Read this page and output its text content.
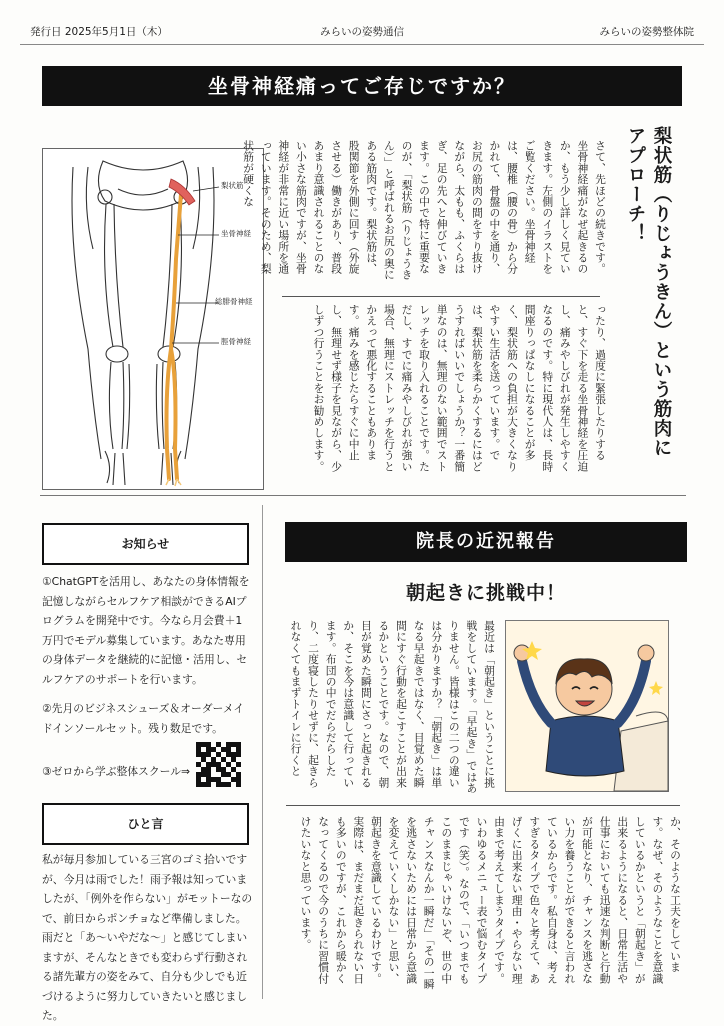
発行日 2025年5月1日（木）	みらいの姿勢通信	みらいの姿勢整体院
坐骨神経痛ってご存じですか？
梨状筋
坐骨神経
総腓骨神経
脛骨神経	梨状筋（りじょうきん）という筋肉にアプローチ！
さて、先ほどの続きです。坐骨神経痛がなぜ起きるのか、もう少し詳しく見ていきます。左側のイラストをご覧ください。坐骨神経は、腰椎（腰の骨）から分かれて、骨盤の中を通り、お尻の筋肉の間をすり抜けながら、太もも、ふくらはぎ、足の先へと伸びていきます。この中で特に重要なのが、「梨状筋（りじょうきん）」と呼ばれるお尻の奥にある筋肉です。梨状筋は、股関節を外側に回す（外旋させる）働きがあり、普段あまり意識されることのない小さな筋肉ですが、坐骨神経が非常に近い場所を通っています。そのため、梨状筋が硬くな
ったり、過度に緊張したりすると、すぐ下を走る坐骨神経を圧迫し、痛みやしびれが発生しやすくなるのです。特に現代人は、長時間座りっぱなしになることが多く、梨状筋への負担が大きくなりやすい生活を送っています。では、梨状筋を柔らかくするにはどうすればいいでしょうか？一番簡単なのは、無理のない範囲でストレッチを取り入れることです。ただし、すでに痛みやしびれが強い場合、無理にストレッチを行うとかえって悪化することもあります。痛みを感じたらすぐに中止し、無理せず様子を見ながら、少しずつ行うことをお勧めします。
お知らせ
①ChatGPTを活用し、あなたの身体情報を記憶しながらセルフケア相談ができるAIプログラムを開発中です。今なら月会費＋1万円でモデル募集しています。あなた専用の身体データを継続的に記憶・活用し、セルフケアのサポートを行います。
②先月のビジネスシューズ＆オーダーメイドインソールセット。残り数足です。
③ゼロから学ぶ整体スクール⇒
ひと言
私が毎月参加している三宮のゴミ拾いですが、今月は雨でした！雨予報は知っていましたが、「例外を作らない」がモットーなので、前日からポンチョなど準備しました。雨だと「あ〜いやだな〜」と感じてしまいますが、そんなときでも変わらず行動される諸先輩方の姿をみて、自分も少しでも近づけるように努力していきたいと感じました。
院長の近況報告
朝起きに挑戦中！
最近は「朝起き」ということに挑戦をしています。「早起き」ではありません。皆様はこの二つの違いは分かりますか？「朝起き」は単なる早起きではなく、目覚めた瞬間にすぐ行動を起こすことが出来るかということです。なので、朝目が覚めた瞬間にさっと起きれるか、そこを今は意識して行っています。布団の中でだらだらしたり、二度寝したりせずに、起きられなくてもまずトイレに行くと
か、そのような工夫をしています。なぜ、そのようなことを意識しているかというと「朝起き」が出来るようになると、日常生活や仕事においても迅速な判断と行動が可能となり、チャンスを逃さない力を養うことができると言われているからです。私自身は、考えすぎるタイプで色々と考えて、あげくに出来ない理由・やらない理由まで考えてしまうタイプです。いわゆるメニュー表で悩むタイプです（笑）。なので、「いつまでもこのままじゃいけないぞ、世の中チャンスなんか一瞬だ」「その一瞬を逃さないためには日常から意識を変えていくしかない」と思い、朝起きを意識しているわけです。実際は、まだまだ起きられない日も多いのですが、これから暖かくなってくるので今のうちに習慣付けたいなと思っています。
